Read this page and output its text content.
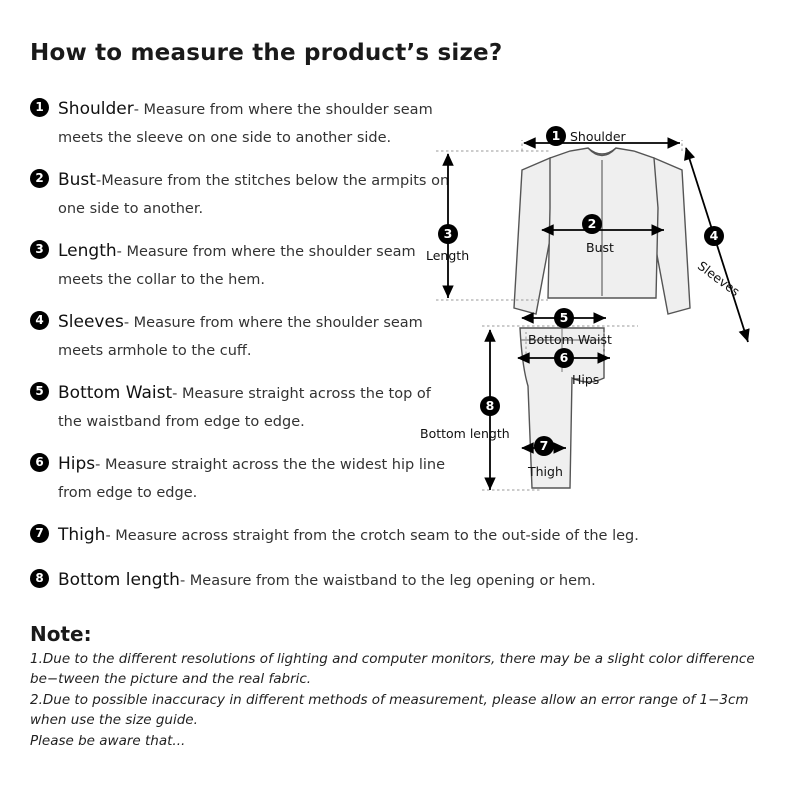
How to measure the product’s size?
1 Shoulder- Measure from where the shoulder seam meets the sleeve on one side to another side.
2 Bust-Measure from the stitches below the armpits on one side to another.
3 Length- Measure from where the shoulder seam meets the collar to the hem.
4 Sleeves- Measure from where the shoulder seam meets armhole to the cuff.
5 Bottom Waist- Measure straight across the top of the waistband from edge to edge.
6 Hips- Measure straight across the the widest hip line from edge to edge.
7 Thigh- Measure across straight from the crotch seam to the out-side of the leg.
8 Bottom length- Measure from the waistband to the leg opening or hem.
Note:

1.Due to the different resolutions of lighting and computer monitors, there may be a slight color difference be−tween the picture and the real fabric.

2.Due to possible inaccuracy in different methods of measurement, please allow an error range of 1−3cm when use the size guide.

Please be aware that...

1 Shoulder
3
Length
2
Bust
4
Sleeves
5
Bottom Waist
6
Hips
8
Bottom length
7
Thigh
